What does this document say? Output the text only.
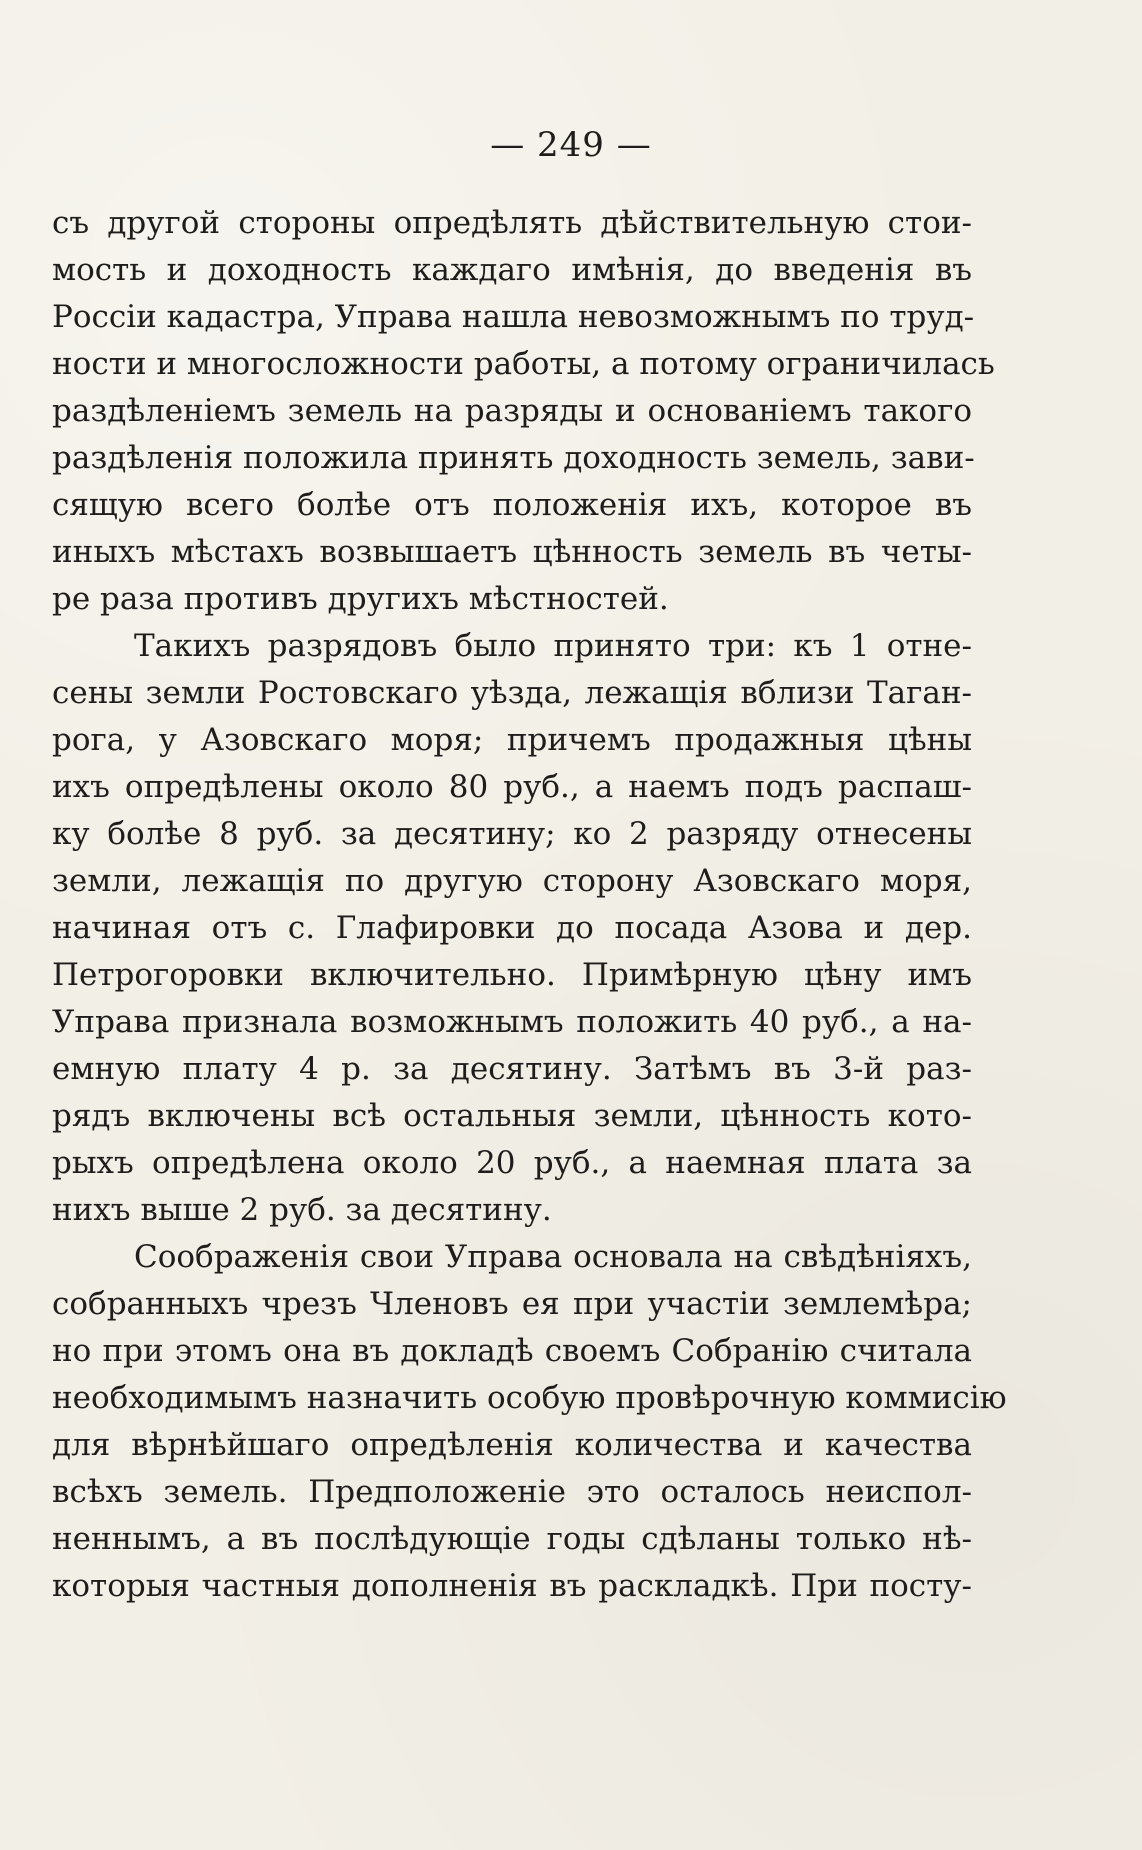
— 249 —
съ другой стороны опредѣлять дѣйствительную стои-
мость и доходность каждаго имѣнія, до введенія въ
Россіи кадастра, Управа нашла невозможнымъ по труд-
ности и многосложности работы, а потому ограничилась
раздѣленіемъ земель на разряды и основаніемъ такого
раздѣленія положила принять доходность земель, зави-
сящую всего болѣе отъ положенія ихъ, которое въ
иныхъ мѣстахъ возвышаетъ цѣнность земель въ четы-
ре раза противъ другихъ мѣстностей.
Такихъ разрядовъ было принято три: къ 1 отне-
сены земли Ростовскаго уѣзда, лежащія вблизи Таган-
рога, у Азовскаго моря; причемъ продажныя цѣны
ихъ опредѣлены около 80 руб., а наемъ подъ распаш-
ку болѣе 8 руб. за десятину; ко 2 разряду отнесены
земли, лежащія по другую сторону Азовскаго моря,
начиная отъ с. Глафировки до посада Азова и дер.
Петрогоровки включительно. Примѣрную цѣну имъ
Управа признала возможнымъ положить 40 руб., а на-
емную плату 4 р. за десятину. Затѣмъ въ 3-й раз-
рядъ включены всѣ остальныя земли, цѣнность кото-
рыхъ опредѣлена около 20 руб., а наемная плата за
нихъ выше 2 руб. за десятину.
Соображенія свои Управа основала на свѣдѣніяхъ,
собранныхъ чрезъ Членовъ ея при участіи землемѣра;
но при этомъ она въ докладѣ своемъ Собранію считала
необходимымъ назначить особую провѣрочную коммисію
для вѣрнѣйшаго опредѣленія количества и качества
всѣхъ земель. Предположеніе это осталось неиспол-
неннымъ, а въ послѣдующіе годы сдѣланы только нѣ-
которыя частныя дополненія въ раскладкѣ. При посту-
